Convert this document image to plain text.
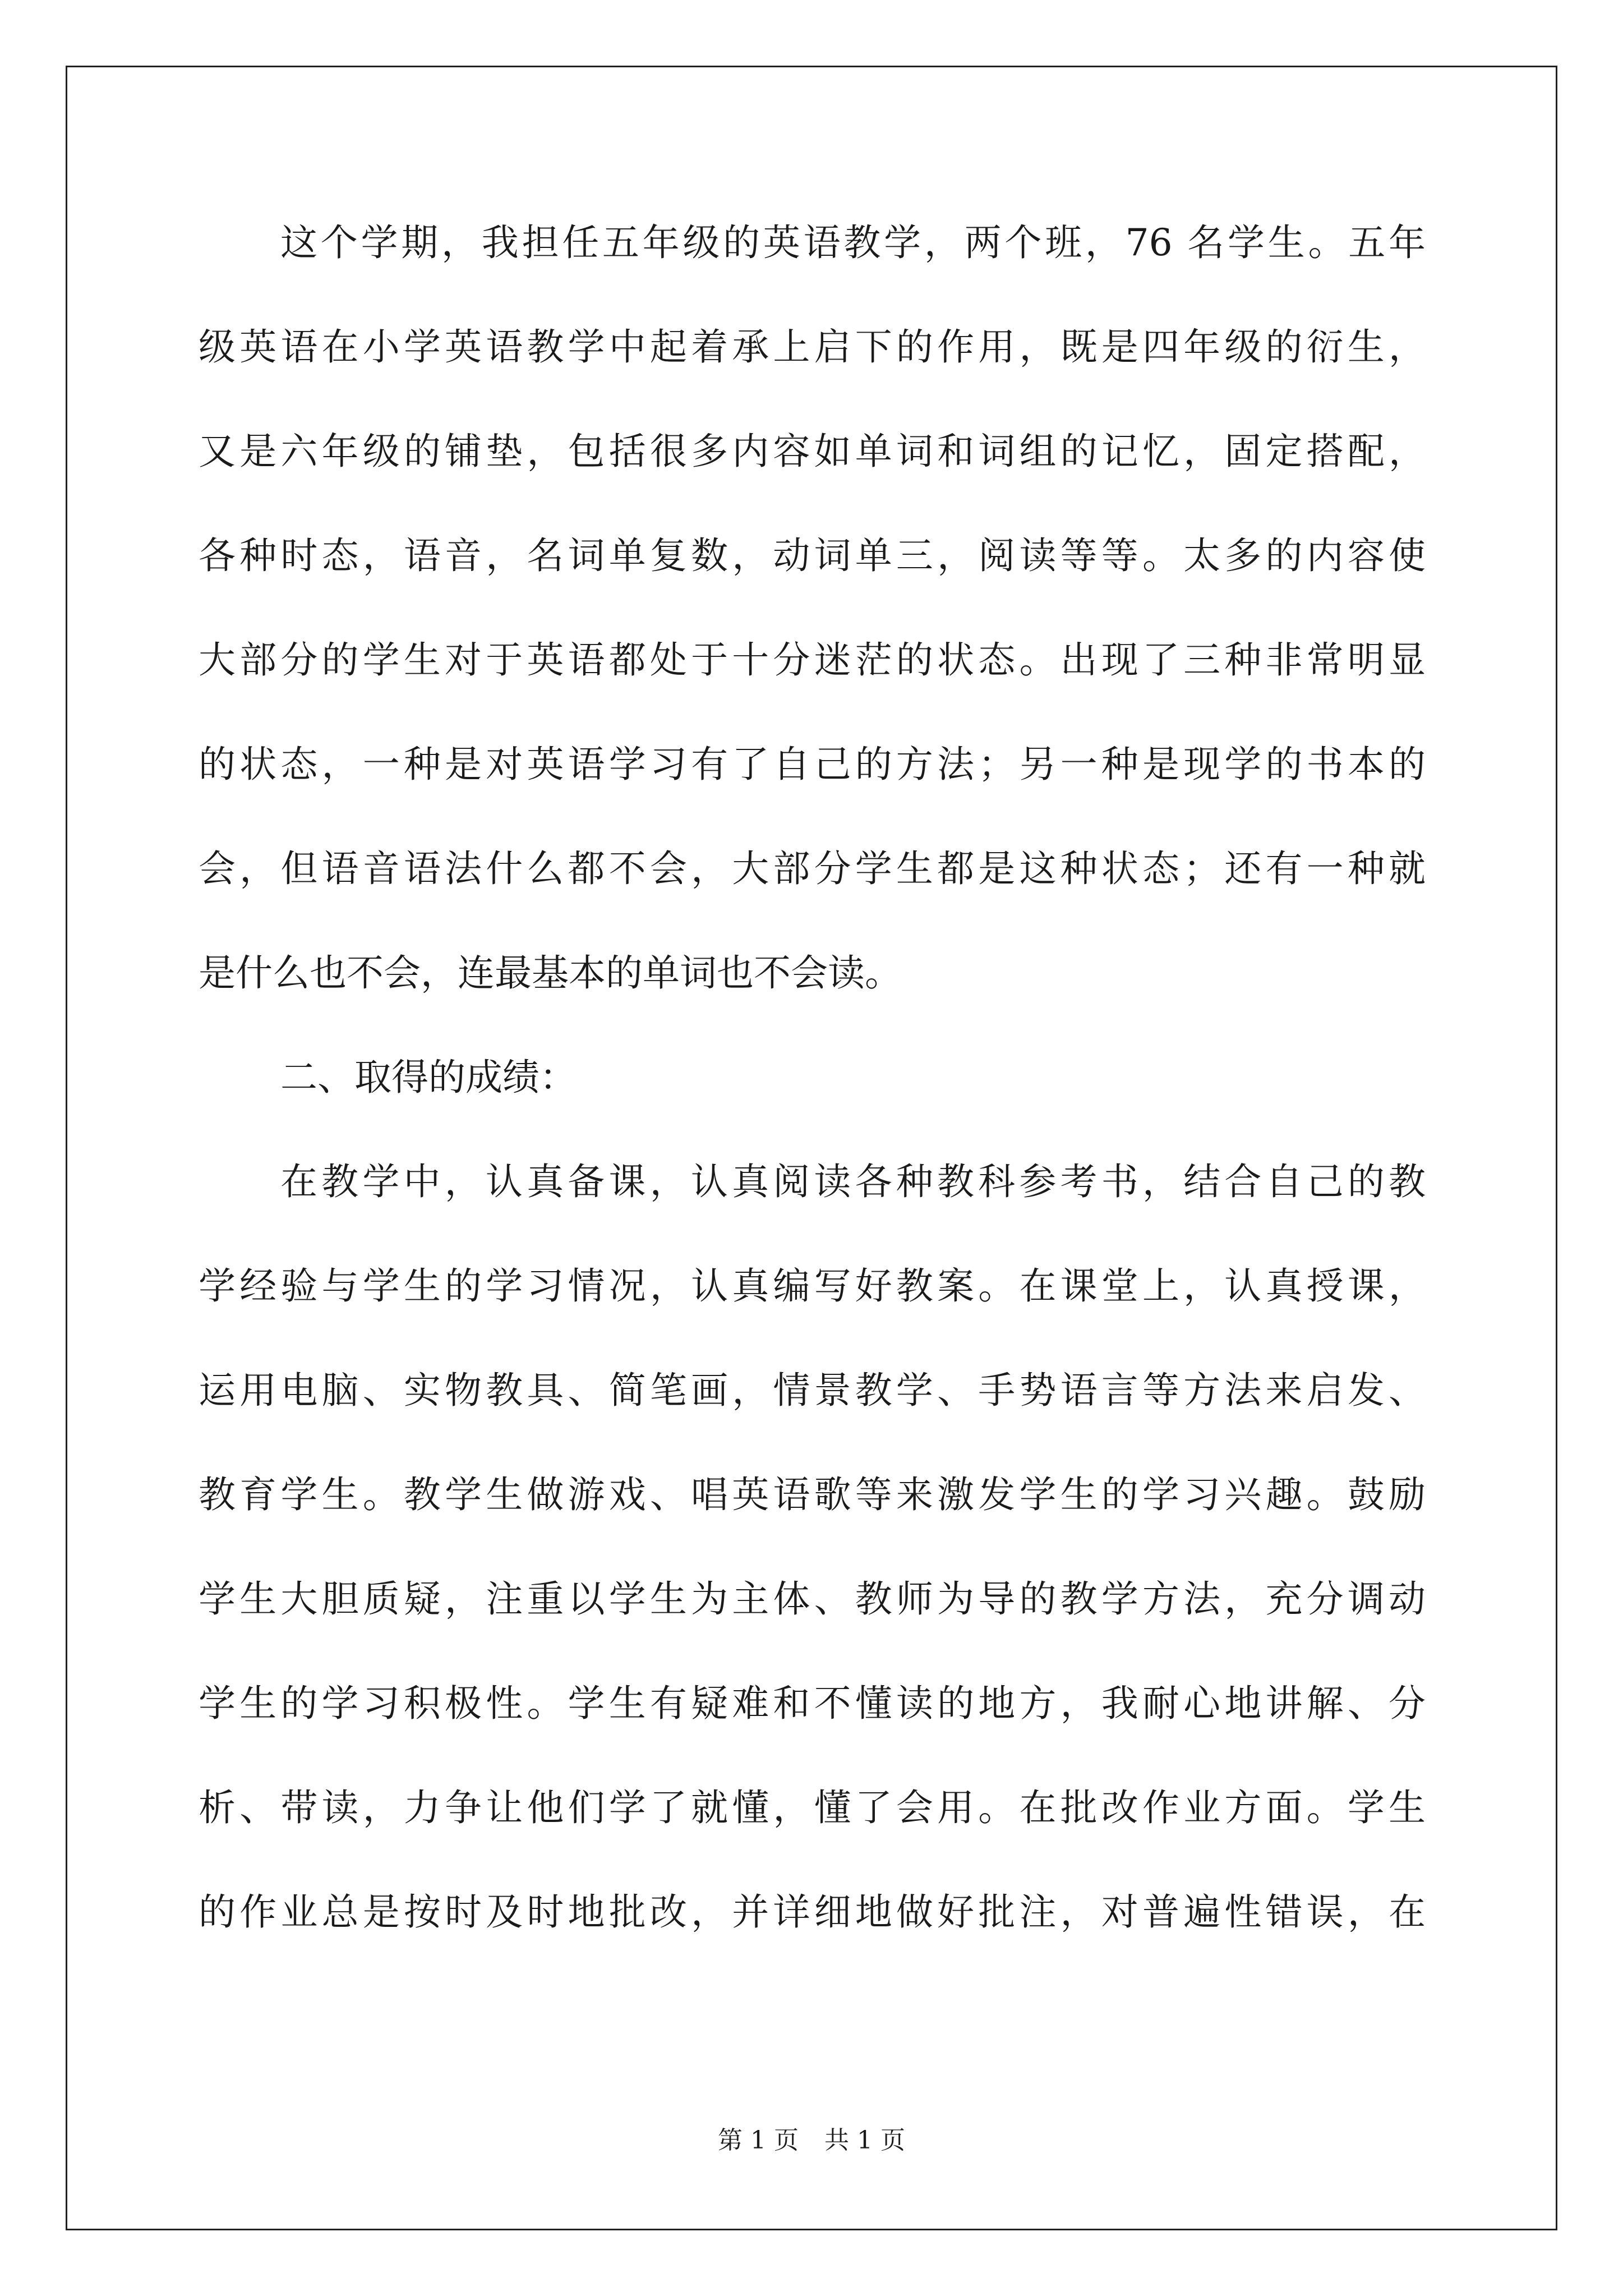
这个学期，我担任五年级的英语教学，两个班，76 名学生。五年
级英语在小学英语教学中起着承上启下的作用，既是四年级的衍生，
又是六年级的铺垫，包括很多内容如单词和词组的记忆，固定搭配，
各种时态，语音，名词单复数，动词单三，阅读等等。太多的内容使
大部分的学生对于英语都处于十分迷茫的状态。出现了三种非常明显
的状态，一种是对英语学习有了自己的方法；另一种是现学的书本的
会，但语音语法什么都不会，大部分学生都是这种状态；还有一种就
是什么也不会，连最基本的单词也不会读。
二、取得的成绩：
在教学中，认真备课，认真阅读各种教科参考书，结合自己的教
学经验与学生的学习情况，认真编写好教案。在课堂上，认真授课，
运用电脑、实物教具、简笔画，情景教学、手势语言等方法来启发、
教育学生。教学生做游戏、唱英语歌等来激发学生的学习兴趣。鼓励
学生大胆质疑，注重以学生为主体、教师为导的教学方法，充分调动
学生的学习积极性。学生有疑难和不懂读的地方，我耐心地讲解、分
析、带读，力争让他们学了就懂，懂了会用。在批改作业方面。学生
的作业总是按时及时地批改，并详细地做好批注，对普遍性错误，在
第 1 页 共 1 页
